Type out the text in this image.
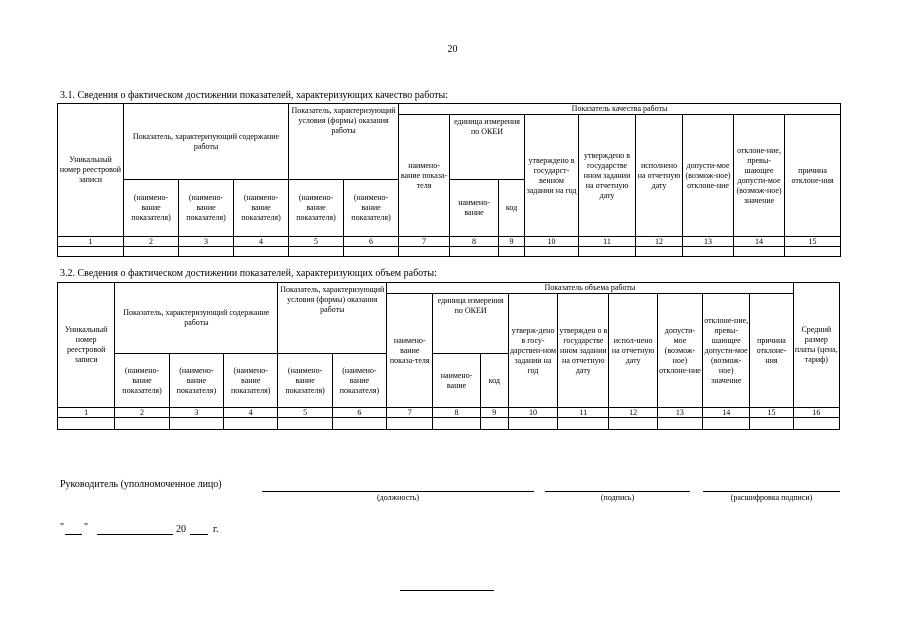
20
3.1. Сведения о фактическом достижении показателей, характеризующих качество работы:
Уникальный номер реестровой записи	Показатель, характеризующий содержание работы			Показатель, характеризующий условия (формы) оказания работы		Показатель качества работы								
						наимено-вание показа-теля	единица измерения по ОКЕИ		утверждено в государст-венном задании на год	утверждено в государстве нном задании на отчетную дату	исполнено на отчетную дату	допусти-мое (возмож-ное) отклоне-ние	отклоне-ние, превы-шающее допусти-мое (возмож-ное) значение	причина отклоне-ния
	(наимено-вание показателя)	(наимено-вание показателя)	(наимено-вание показателя)	(наимено-вание показателя)	(наимено-вание показателя)		наимено-вание	код						
1	2	3	4	5	6	7	8	9	10	11	12	13	14	15

3.2. Сведения о фактическом достижении показателей, характеризующих объем работы:
Уникальный номер реестровой записи	Показатель, характеризующий содержание работы			Показатель, характеризующий условия (формы) оказания работы		Показатель объема работы									Средний размер платы (цена, тариф)
						наимено-вание показа-теля	единица измерения по ОКЕИ		утверж-дено в госу-дарствен-ном задании на год	утвержден о в государстве нном задании на отчетную дату	испол-нено на отчетную дату	допусти-мое (возмож-ное) отклоне-ние	отклоне-ние, превы-шающее допусти-мое (возмож-ное) значение	причина отклоне-ния	
	(наимено-вание показателя)	(наимено-вание показателя)	(наимено-вание показателя)	(наимено-вание показателя)	(наимено-вание показателя)		наимено-вание	код							
1	2	3	4	5	6	7	8	9	10	11	12	13	14	15	16

Руководитель (уполномоченное лицо)
(должность)	(подпись)	(расшифровка подписи)
" "	20	г.
